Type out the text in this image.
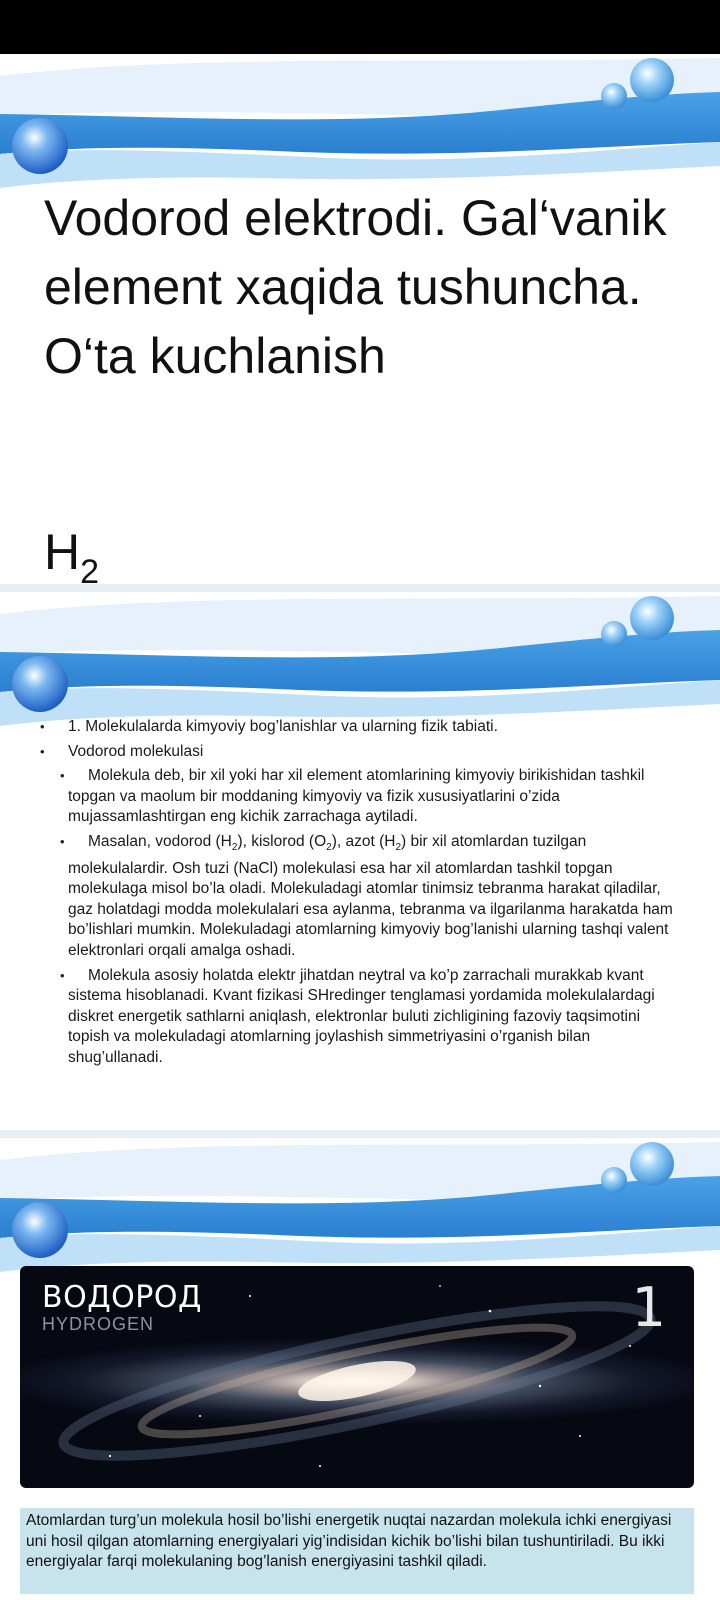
Vodorod elektrodi. Gal‘vanik element xaqida tushuncha. O‘ta kuchlanish
$H_2$
• 1. Molekulalarda kimyoviy bog’lanishlar va ularning fizik tabiati.
• Vodorod molekulasi
• Molekula deb, bir xil yoki har xil element atomlarining kimyoviy birikishidan tashkil topgan va maolum bir moddaning kimyoviy va fizik xususiyatlarini o’zida mujassamlashtirgan eng kichik zarrachaga aytiladi.
• Masalan, vodorod $(H_2)$, kislorod $(O_2)$, azot $(H_2)$ bir xil atomlardan tuzilgan molekulalardir. Osh tuzi (NaCl) molekulasi esa har xil atomlardan tashkil topgan molekulaga misol bo’la oladi. Molekuladagi atomlar tinimsiz tebranma harakat qiladilar, gaz holatdagi modda molekulalari esa aylanma, tebranma va ilgarilanma harakatda ham bo’lishlari mumkin. Molekuladagi atomlarning kimyoviy bog’lanishi ularning tashqi valent elektronlari orqali amalga oshadi.
• Molekula asosiy holatda elektr jihatdan neytral va ko’p zarrachali murakkab kvant sistema hisoblanadi. Kvant fizikasi SHredinger tenglamasi yordamida molekulalardagi diskret energetik sathlarni aniqlash, elektronlar buluti zichligining fazoviy taqsimotini topish va molekuladagi atomlarning joylashish simmetriyasini o’rganish bilan shug’ullanadi.
ВОДОРОД
HYDROGEN	1
Atomlardan turg’un molekula hosil bo’lishi energetik nuqtai nazardan molekula ichki energiyasi uni hosil qilgan atomlarning energiyalari yig’indisidan kichik bo’lishi bilan tushuntiriladi. Bu ikki energiyalar farqi molekulaning bog’lanish energiyasini tashkil qiladi.
